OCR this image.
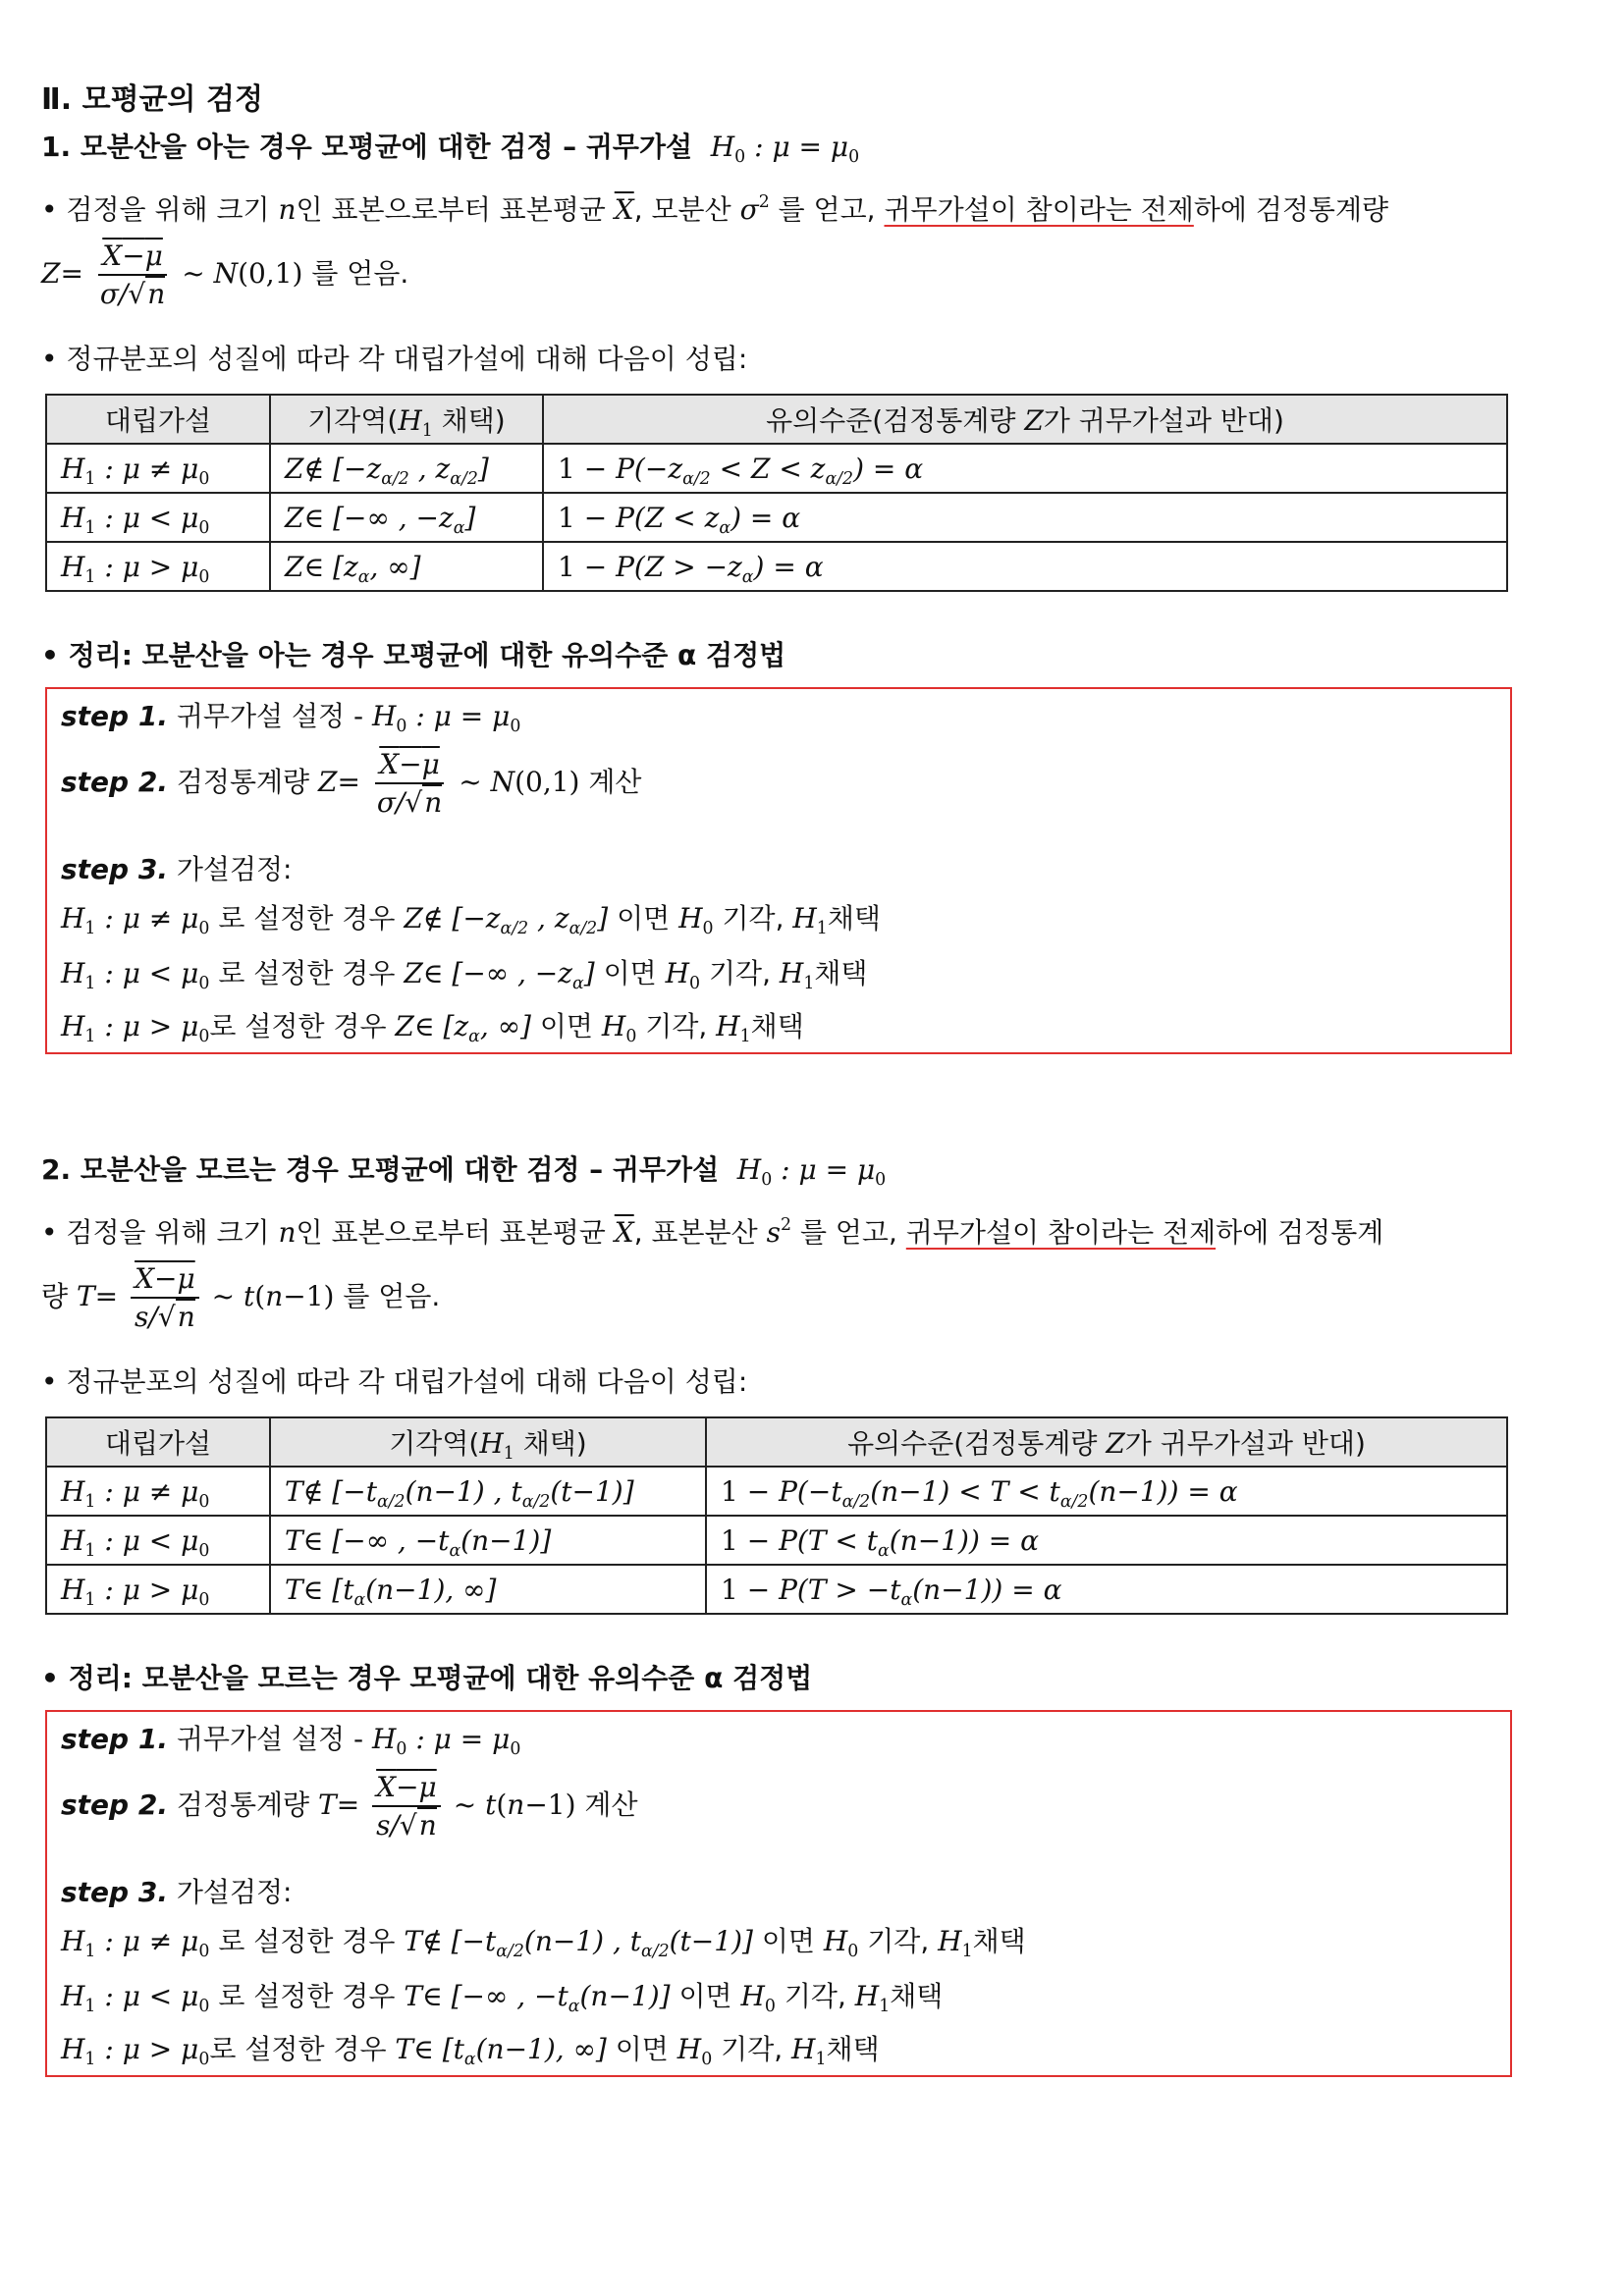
Ⅱ. 모평균의 검정
1. 모분산을 아는 경우 모평균에 대한 검정 – 귀무가설  $H_0$ : $\mu = \mu_0$
• 검정을 위해 크기 n인 표본으로부터 표본평균 X, 모분산 $\sigma^2$ 를 얻고, 귀무가설이 참이라는 전제하에 검정통계량
$Z= \frac{X-\mu}{\sigma/√n}$ ~ N(0,1) 를 얻음.
• 정규분포의 성질에 따라 각 대립가설에 대해 다음이 성립:
대립가설	기각역($H_1$ 채택)	유의수준(검정통계량 Z가 귀무가설과 반대)
$H_1$ : $\mu \ne \mu_0$	Z∉ [$-z_{\alpha/2}$ , $z_{\alpha/2}$]	$1 - P(-z_{\alpha/2} < Z < z_{\alpha/2}) = \alpha$
$H_1$ : $\mu < \mu_0$	Z∈ [−∞ , $-z_\alpha$]	$1 - P(Z < z_\alpha) = \alpha$
$H_1$ : $\mu > \mu_0$	Z∈ [$z_\alpha$, ∞]	$1 - P(Z > -z_\alpha) = \alpha$
• 정리: 모분산을 아는 경우 모평균에 대한 유의수준 α 검정법
step 1. 귀무가설 설정 - $H_0$ : $\mu = \mu_0$
step 2. 검정통계량 $Z= \frac{X-\mu}{\sigma/√n}$ ~ N(0,1) 계산
step 3. 가설검정:
$H_1$ : $\mu \ne \mu_0$ 로 설정한 경우 Z∉ [$-z_{\alpha/2}$ , $z_{\alpha/2}$] 이면 $H_0$ 기각, $H_1$채택
$H_1$ : $\mu < \mu_0$ 로 설정한 경우 Z∈ [−∞ , $-z_\alpha$] 이면 $H_0$ 기각, $H_1$채택
$H_1$ : $\mu > \mu_0$로 설정한 경우 Z∈ [$z_\alpha$, ∞] 이면 $H_0$ 기각, $H_1$채택
2. 모분산을 모르는 경우 모평균에 대한 검정 – 귀무가설  $H_0$ : $\mu = \mu_0$
• 검정을 위해 크기 n인 표본으로부터 표본평균 X, 표본분산 $s^2$ 를 얻고, 귀무가설이 참이라는 전제하에 검정통계
량 $T= \frac{X-\mu}{s/√n}$ ~ t(n−1) 를 얻음.
• 정규분포의 성질에 따라 각 대립가설에 대해 다음이 성립:
대립가설	기각역($H_1$ 채택)	유의수준(검정통계량 Z가 귀무가설과 반대)
$H_1$ : $\mu \ne \mu_0$	T∉ [$-t_{\alpha/2}(n-1)$ , $t_{\alpha/2}(t-1)$]	$1 - P(-t_{\alpha/2}(n-1) < T < t_{\alpha/2}(n-1)) = \alpha$
$H_1$ : $\mu < \mu_0$	T∈ [−∞ , $-t_\alpha(n-1)$]	$1 - P(T < t_\alpha(n-1)) = \alpha$
$H_1$ : $\mu > \mu_0$	T∈ [$t_\alpha(n-1)$, ∞]	$1 - P(T > -t_\alpha(n-1)) = \alpha$
• 정리: 모분산을 모르는 경우 모평균에 대한 유의수준 α 검정법
step 1. 귀무가설 설정 - $H_0$ : $\mu = \mu_0$
step 2. 검정통계량 $T= \frac{X-\mu}{s/√n}$ ~ t(n−1) 계산
step 3. 가설검정:
$H_1$ : $\mu \ne \mu_0$ 로 설정한 경우 T∉ [$-t_{\alpha/2}(n-1)$ , $t_{\alpha/2}(t-1)$] 이면 $H_0$ 기각, $H_1$채택
$H_1$ : $\mu < \mu_0$ 로 설정한 경우 T∈ [−∞ , $-t_\alpha(n-1)$] 이면 $H_0$ 기각, $H_1$채택
$H_1$ : $\mu > \mu_0$로 설정한 경우 T∈ [$t_\alpha(n-1)$, ∞] 이면 $H_0$ 기각, $H_1$채택
